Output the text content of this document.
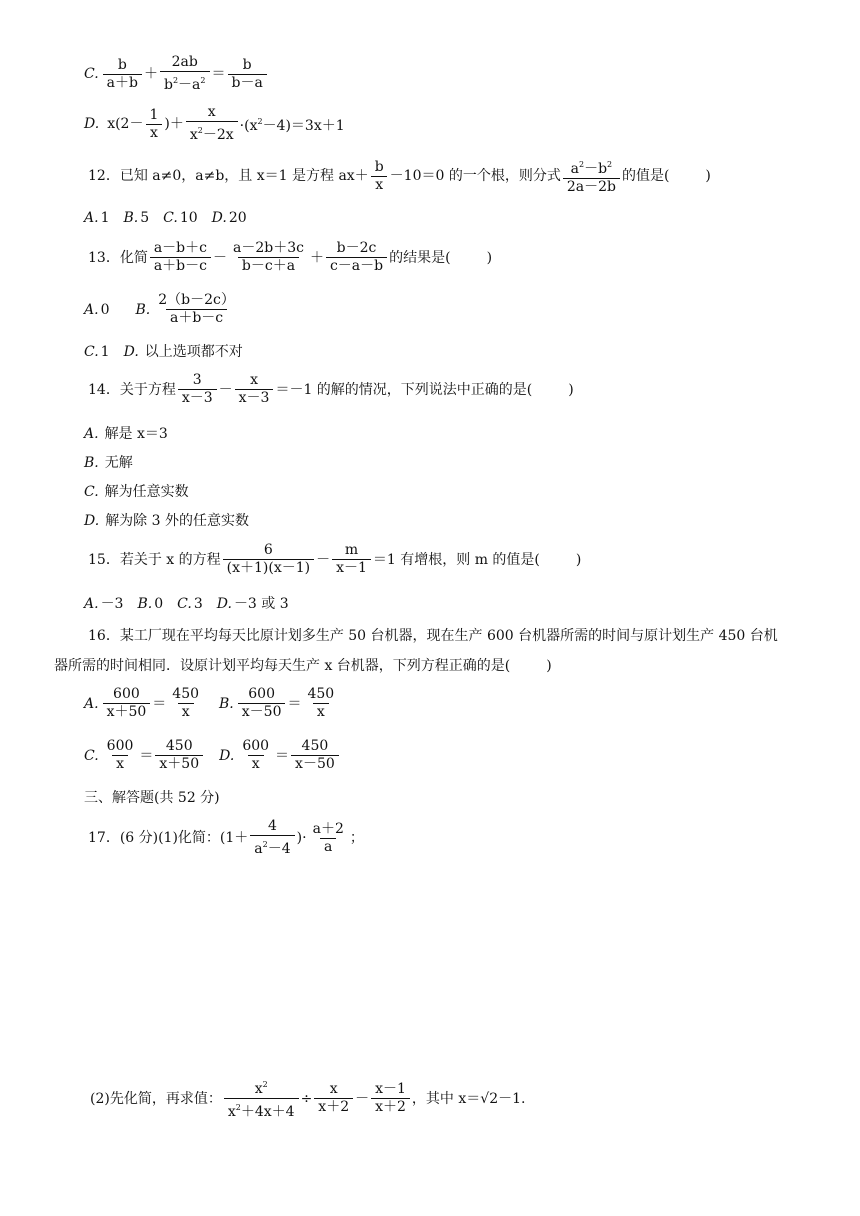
C. $\frac{b}{a+b} + \frac{2ab}{b^2-a^2} = \frac{b}{b-a}$
D. $x(2- \frac{1}{x}$ )＋ $\frac{x}{x^2-2x} \cdot(x^2-4)=3x+1$
12．已知 a≠0，a≠b，且 x＝1 是方程 $ax+ \frac{b}{x} -10=0$ 的一个根，则分式 $\frac{a^2-b^2}{2a-2b}$ 的值是(	)
A. 1 B. 5 C. 10 D. 20
13．化简 $\frac{a-b+c}{a+b-c} - \frac{a-2b+3c}{b-c+a} + \frac{b-2c}{c-a-b}$ 的结果是(	)
A. 0 B. $\frac{2(b-2c)}{a+b-c}$
C. 1 D. 以上选项都不对
14．关于方程 $\frac{3}{x-3} - \frac{x}{x-3} =-1$ 的解的情况，下列说法中正确的是(	)
A. 解是 x＝3
B. 无解
C. 解为任意实数
D. 解为除 3 外的任意实数
15．若关于 x 的方程 $\frac{6}{(x+1)(x-1)} - \frac{m}{x-1} =1$ 有增根，则 m 的值是(	)
A. －3 B. 0 C. 3 D. －3 或 3
16．某工厂现在平均每天比原计划多生产 50 台机器，现在生产 600 台机器所需的时间与原计划生产 450 台机
器所需的时间相同．设原计划平均每天生产 x 台机器，下列方程正确的是(	)
A. $\frac{600}{x+50} = \frac{450}{x} B$. $\frac{600}{x-50} = \frac{450}{x}$
C. $\frac{600}{x} = \frac{450}{x+50} D$. $\frac{600}{x} = \frac{450}{x-50}$
三、解答题(共 52 分)
17．(6 分)(1)化简：($1+ \frac{4}{a^2-4}$ )· $\frac{a+2}{a}$ ；
(2)先化简，再求值： $\frac{x^2}{x^2+4x+4} \div \frac{x}{x+2} - \frac{x-1}{x+2}$ ，其中 x＝ √2 －1.
